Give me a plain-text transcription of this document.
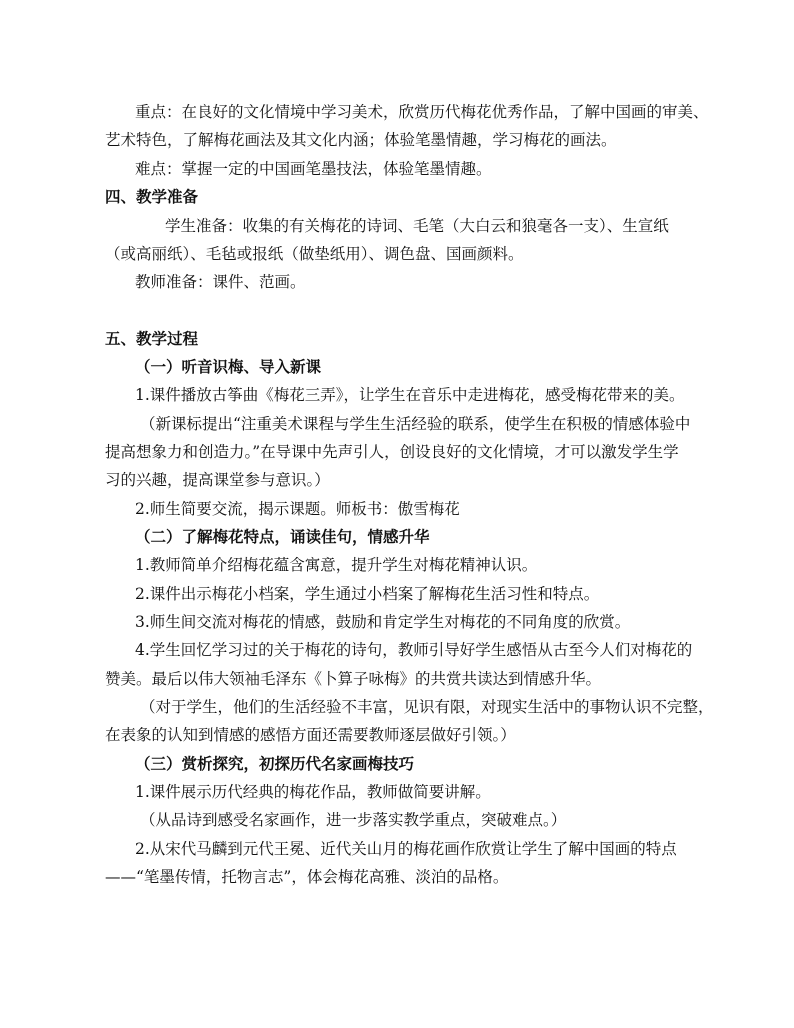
重点：在良好的文化情境中学习美术，欣赏历代梅花优秀作品，了解中国画的审美、
艺术特色，了解梅花画法及其文化内涵；体验笔墨情趣，学习梅花的画法。
难点：掌握一定的中国画笔墨技法，体验笔墨情趣。
四、教学准备
学生准备：收集的有关梅花的诗词、毛笔（大白云和狼毫各一支）、生宣纸
（或高丽纸）、毛毡或报纸（做垫纸用）、调色盘、国画颜料。
教师准备：课件、范画。
五、教学过程
（一）听音识梅、导入新课
1.课件播放古筝曲《梅花三弄》，让学生在音乐中走进梅花，感受梅花带来的美。
（新课标提出“注重美术课程与学生生活经验的联系，使学生在积极的情感体验中
提高想象力和创造力。”在导课中先声引人，创设良好的文化情境，才可以激发学生学
习的兴趣，提高课堂参与意识。）
2.师生简要交流，揭示课题。师板书：傲雪梅花
（二）了解梅花特点，诵读佳句，情感升华
1.教师简单介绍梅花蕴含寓意，提升学生对梅花精神认识。
2.课件出示梅花小档案，学生通过小档案了解梅花生活习性和特点。
3.师生间交流对梅花的情感，鼓励和肯定学生对梅花的不同角度的欣赏。
4.学生回忆学习过的关于梅花的诗句，教师引导好学生感悟从古至今人们对梅花的
赞美。最后以伟大领袖毛泽东《卜算子咏梅》的共赏共读达到情感升华。
（对于学生，他们的生活经验不丰富，见识有限，对现实生活中的事物认识不完整，
在表象的认知到情感的感悟方面还需要教师逐层做好引领。）
（三）赏析探究，初探历代名家画梅技巧
1.课件展示历代经典的梅花作品，教师做简要讲解。
（从品诗到感受名家画作，进一步落实教学重点，突破难点。）
2.从宋代马麟到元代王冕、近代关山月的梅花画作欣赏让学生了解中国画的特点
——“笔墨传情，托物言志”，体会梅花高雅、淡泊的品格。
